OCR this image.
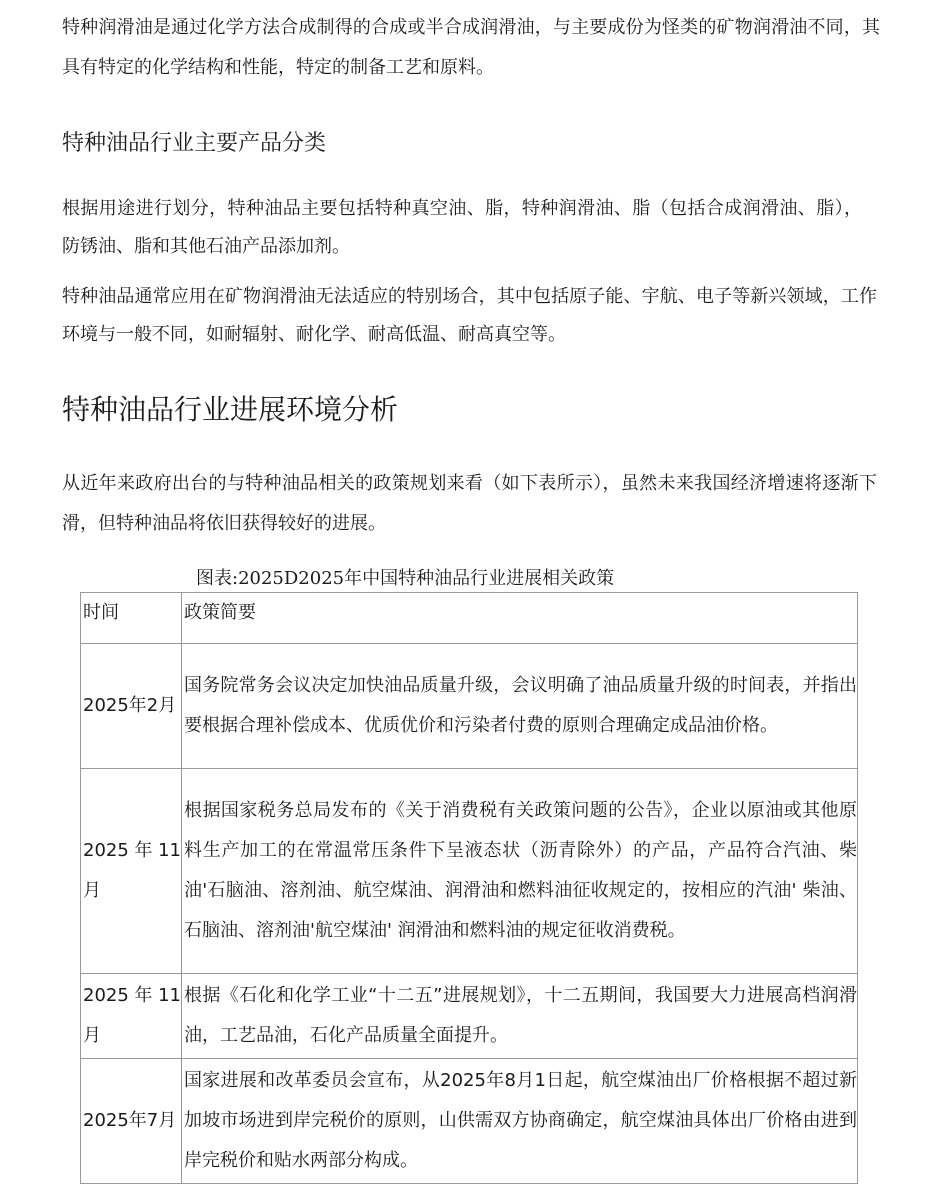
特种润滑油是通过化学方法合成制得的合成或半合成润滑油，与主要成份为怪类的矿物润滑油不同，其具有特定的化学结构和性能，特定的制备工艺和原料。

特种油品行业主要产品分类

根据用途进行划分，特种油品主要包括特种真空油、脂，特种润滑油、脂（包括合成润滑油、脂），防锈油、脂和其他石油产品添加剂。

特种油品通常应用在矿物润滑油无法适应的特别场合，其中包括原子能、宇航、电子等新兴领域，工作环境与一般不同，如耐辐射、耐化学、耐高低温、耐高真空等。

特种油品行业进展环境分析

从近年来政府出台的与特种油品相关的政策规划来看（如下表所示），虽然未来我国经济增速将逐渐下滑，但特种油品将依旧获得较好的进展。

图表:2025D2025年中国特种油品行业进展相关政策

时间	政策简要
2025年2月	国务院常务会议决定加快油品质量升级，会议明确了油品质量升级的时间表，并指出要根据合理补偿成本、优质优价和污染者付费的原则合理确定成品油价格。
2025年11月	根据国家税务总局发布的《关于消费税有关政策问题的公告》，企业以原油或其他原料生产加工的在常温常压条件下呈液态状（沥青除外）的产品，产品符合汽油、柴油'石脑油、溶剂油、航空煤油、润滑油和燃料油征收规定的，按相应的汽油' 柴油、石脑油、溶剂油'航空煤油' 润滑油和燃料油的规定征收消费税。
2025年11月	根据《石化和化学工业“十二五”进展规划》，十二五期间，我国要大力进展高档润滑油，工艺品油，石化产品质量全面提升。
2025年7月	国家进展和改革委员会宣布，从2025年8月1日起，航空煤油出厂价格根据不超过新加坡市场进到岸完税价的原则，山供需双方协商确定，航空煤油具体出厂价格由进到岸完税价和贴水两部分构成。
